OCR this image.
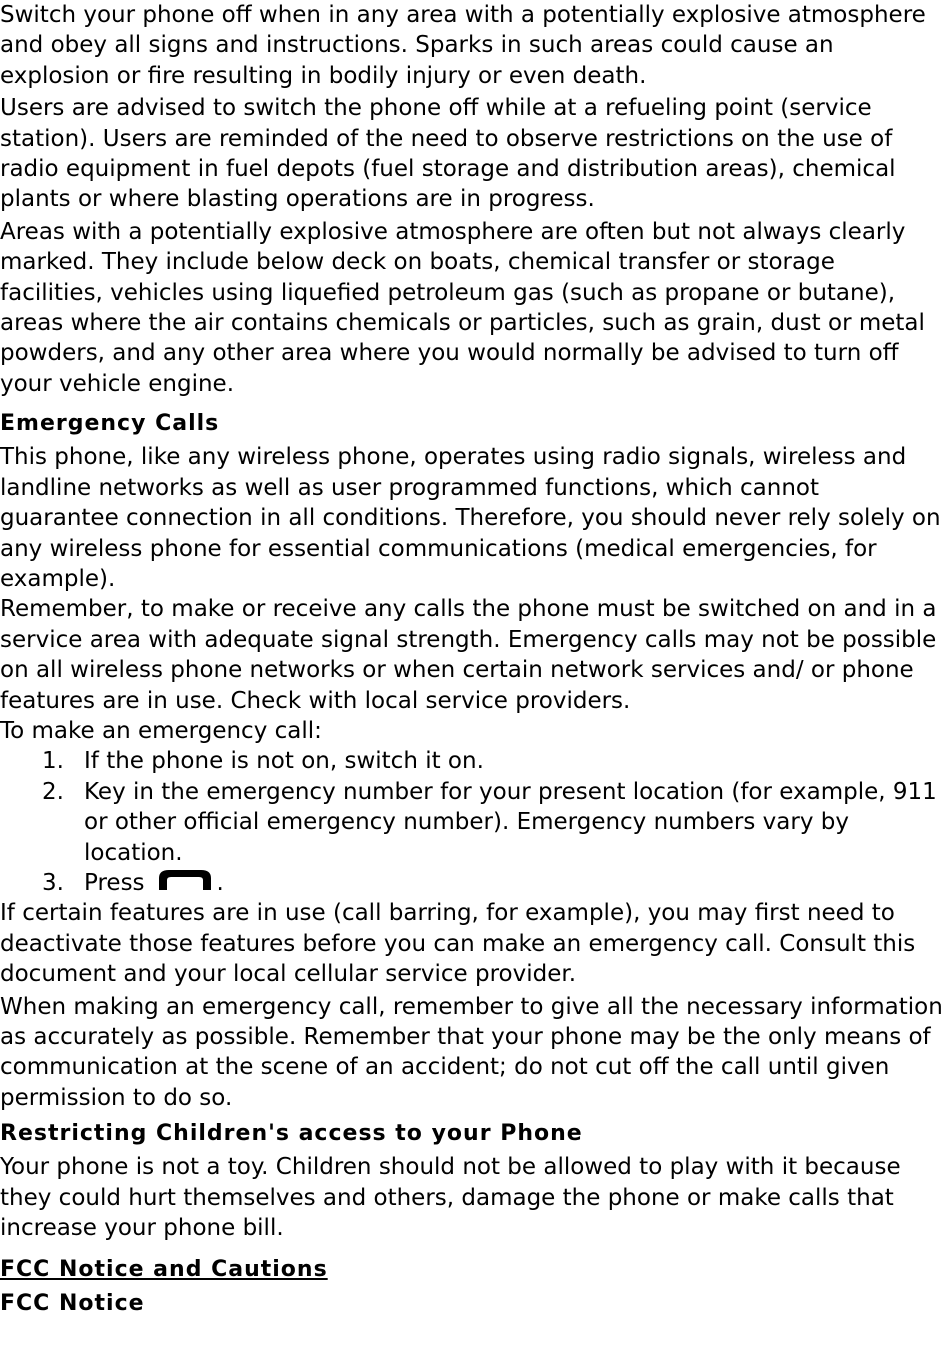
Switch your phone off when in any area with a potentially explosive atmosphere and obey all signs and instructions. Sparks in such areas could cause an explosion or fire resulting in bodily injury or even death.

Users are advised to switch the phone off while at a refueling point (service station). Users are reminded of the need to observe restrictions on the use of radio equipment in fuel depots (fuel storage and distribution areas), chemical plants or where blasting operations are in progress.

Areas with a potentially explosive atmosphere are often but not always clearly marked. They include below deck on boats, chemical transfer or storage facilities, vehicles using liquefied petroleum gas (such as propane or butane), areas where the air contains chemicals or particles, such as grain, dust or metal powders, and any other area where you would normally be advised to turn off your vehicle engine.

Emergency Calls

This phone, like any wireless phone, operates using radio signals, wireless and landline networks as well as user programmed functions, which cannot guarantee connection in all conditions. Therefore, you should never rely solely on any wireless phone for essential communications (medical emergencies, for example).

Remember, to make or receive any calls the phone must be switched on and in a service area with adequate signal strength. Emergency calls may not be possible on all wireless phone networks or when certain network services and/ or phone features are in use. Check with local service providers.

To make an emergency call:

1. If the phone is not on, switch it on.
2. Key in the emergency number for your present location (for example, 911 or other official emergency number). Emergency numbers vary by location.
3. Press	.

If certain features are in use (call barring, for example), you may first need to deactivate those features before you can make an emergency call. Consult this document and your local cellular service provider.

When making an emergency call, remember to give all the necessary information as accurately as possible. Remember that your phone may be the only means of communication at the scene of an accident; do not cut off the call until given permission to do so.

Restricting Children's access to your Phone

Your phone is not a toy. Children should not be allowed to play with it because they could hurt themselves and others, damage the phone or make calls that increase your phone bill.

FCC Notice and Cautions
FCC Notice
